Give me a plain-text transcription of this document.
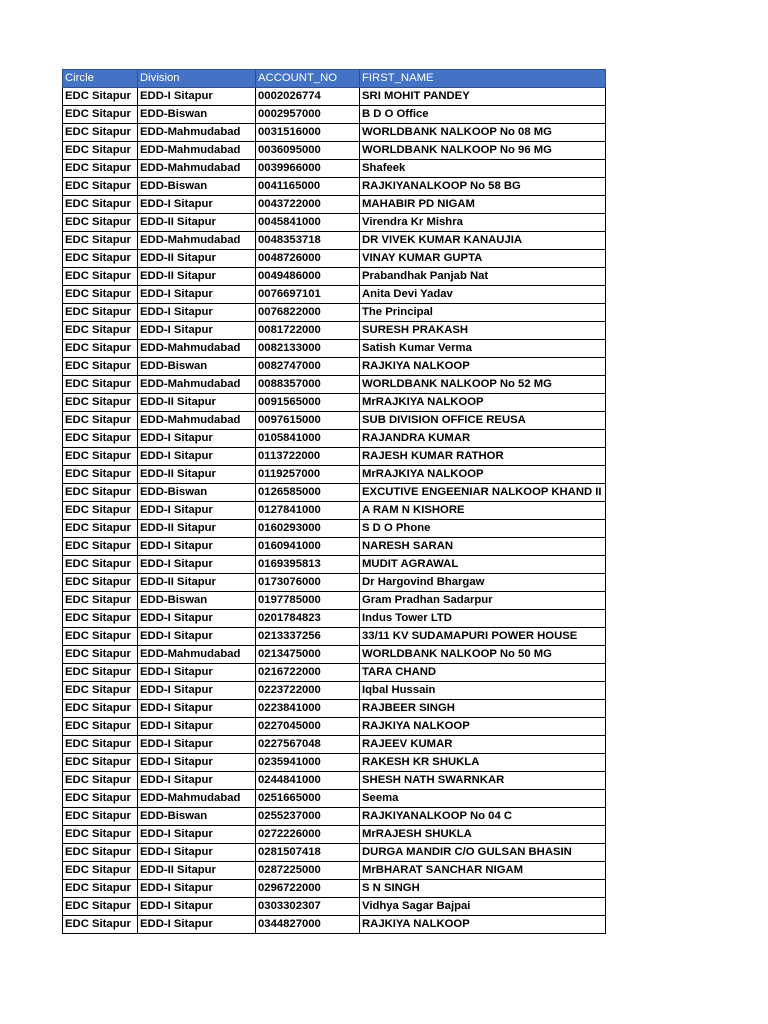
Circle	Division	ACCOUNT_NO	FIRST_NAME
EDC Sitapur	EDD-I Sitapur	0002026774	SRI MOHIT PANDEY
EDC Sitapur	EDD-Biswan	0002957000	B D O Office
EDC Sitapur	EDD-Mahmudabad	0031516000	WORLDBANK NALKOOP No 08 MG
EDC Sitapur	EDD-Mahmudabad	0036095000	WORLDBANK NALKOOP No 96 MG
EDC Sitapur	EDD-Mahmudabad	0039966000	Shafeek
EDC Sitapur	EDD-Biswan	0041165000	RAJKIYANALKOOP No 58 BG
EDC Sitapur	EDD-I Sitapur	0043722000	MAHABIR PD NIGAM
EDC Sitapur	EDD-II Sitapur	0045841000	Virendra Kr Mishra
EDC Sitapur	EDD-Mahmudabad	0048353718	DR VIVEK KUMAR KANAUJIA
EDC Sitapur	EDD-II Sitapur	0048726000	VINAY KUMAR GUPTA
EDC Sitapur	EDD-II Sitapur	0049486000	Prabandhak Panjab Nat
EDC Sitapur	EDD-I Sitapur	0076697101	Anita Devi Yadav
EDC Sitapur	EDD-I Sitapur	0076822000	The Principal
EDC Sitapur	EDD-I Sitapur	0081722000	SURESH PRAKASH
EDC Sitapur	EDD-Mahmudabad	0082133000	Satish Kumar Verma
EDC Sitapur	EDD-Biswan	0082747000	RAJKIYA NALKOOP
EDC Sitapur	EDD-Mahmudabad	0088357000	WORLDBANK NALKOOP No 52 MG
EDC Sitapur	EDD-II Sitapur	0091565000	MrRAJKIYA NALKOOP
EDC Sitapur	EDD-Mahmudabad	0097615000	SUB DIVISION OFFICE REUSA
EDC Sitapur	EDD-I Sitapur	0105841000	RAJANDRA KUMAR
EDC Sitapur	EDD-I Sitapur	0113722000	RAJESH KUMAR RATHOR
EDC Sitapur	EDD-II Sitapur	0119257000	MrRAJKIYA NALKOOP
EDC Sitapur	EDD-Biswan	0126585000	EXCUTIVE ENGEENIAR NALKOOP KHAND II
EDC Sitapur	EDD-I Sitapur	0127841000	A RAM N KISHORE
EDC Sitapur	EDD-II Sitapur	0160293000	S D O Phone
EDC Sitapur	EDD-I Sitapur	0160941000	NARESH SARAN
EDC Sitapur	EDD-I Sitapur	0169395813	MUDIT AGRAWAL
EDC Sitapur	EDD-II Sitapur	0173076000	Dr Hargovind Bhargaw
EDC Sitapur	EDD-Biswan	0197785000	Gram Pradhan Sadarpur
EDC Sitapur	EDD-I Sitapur	0201784823	Indus Tower LTD
EDC Sitapur	EDD-I Sitapur	0213337256	33/11 KV SUDAMAPURI POWER HOUSE
EDC Sitapur	EDD-Mahmudabad	0213475000	WORLDBANK NALKOOP No 50 MG
EDC Sitapur	EDD-I Sitapur	0216722000	TARA CHAND
EDC Sitapur	EDD-I Sitapur	0223722000	Iqbal Hussain
EDC Sitapur	EDD-I Sitapur	0223841000	RAJBEER SINGH
EDC Sitapur	EDD-I Sitapur	0227045000	RAJKIYA NALKOOP
EDC Sitapur	EDD-I Sitapur	0227567048	RAJEEV KUMAR
EDC Sitapur	EDD-I Sitapur	0235941000	RAKESH KR SHUKLA
EDC Sitapur	EDD-I Sitapur	0244841000	SHESH NATH SWARNKAR
EDC Sitapur	EDD-Mahmudabad	0251665000	Seema
EDC Sitapur	EDD-Biswan	0255237000	RAJKIYANALKOOP No 04 C
EDC Sitapur	EDD-I Sitapur	0272226000	MrRAJESH SHUKLA
EDC Sitapur	EDD-I Sitapur	0281507418	DURGA MANDIR C/O GULSAN BHASIN
EDC Sitapur	EDD-II Sitapur	0287225000	MrBHARAT SANCHAR NIGAM
EDC Sitapur	EDD-I Sitapur	0296722000	S N SINGH
EDC Sitapur	EDD-I Sitapur	0303302307	Vidhya Sagar Bajpai
EDC Sitapur	EDD-I Sitapur	0344827000	RAJKIYA NALKOOP
